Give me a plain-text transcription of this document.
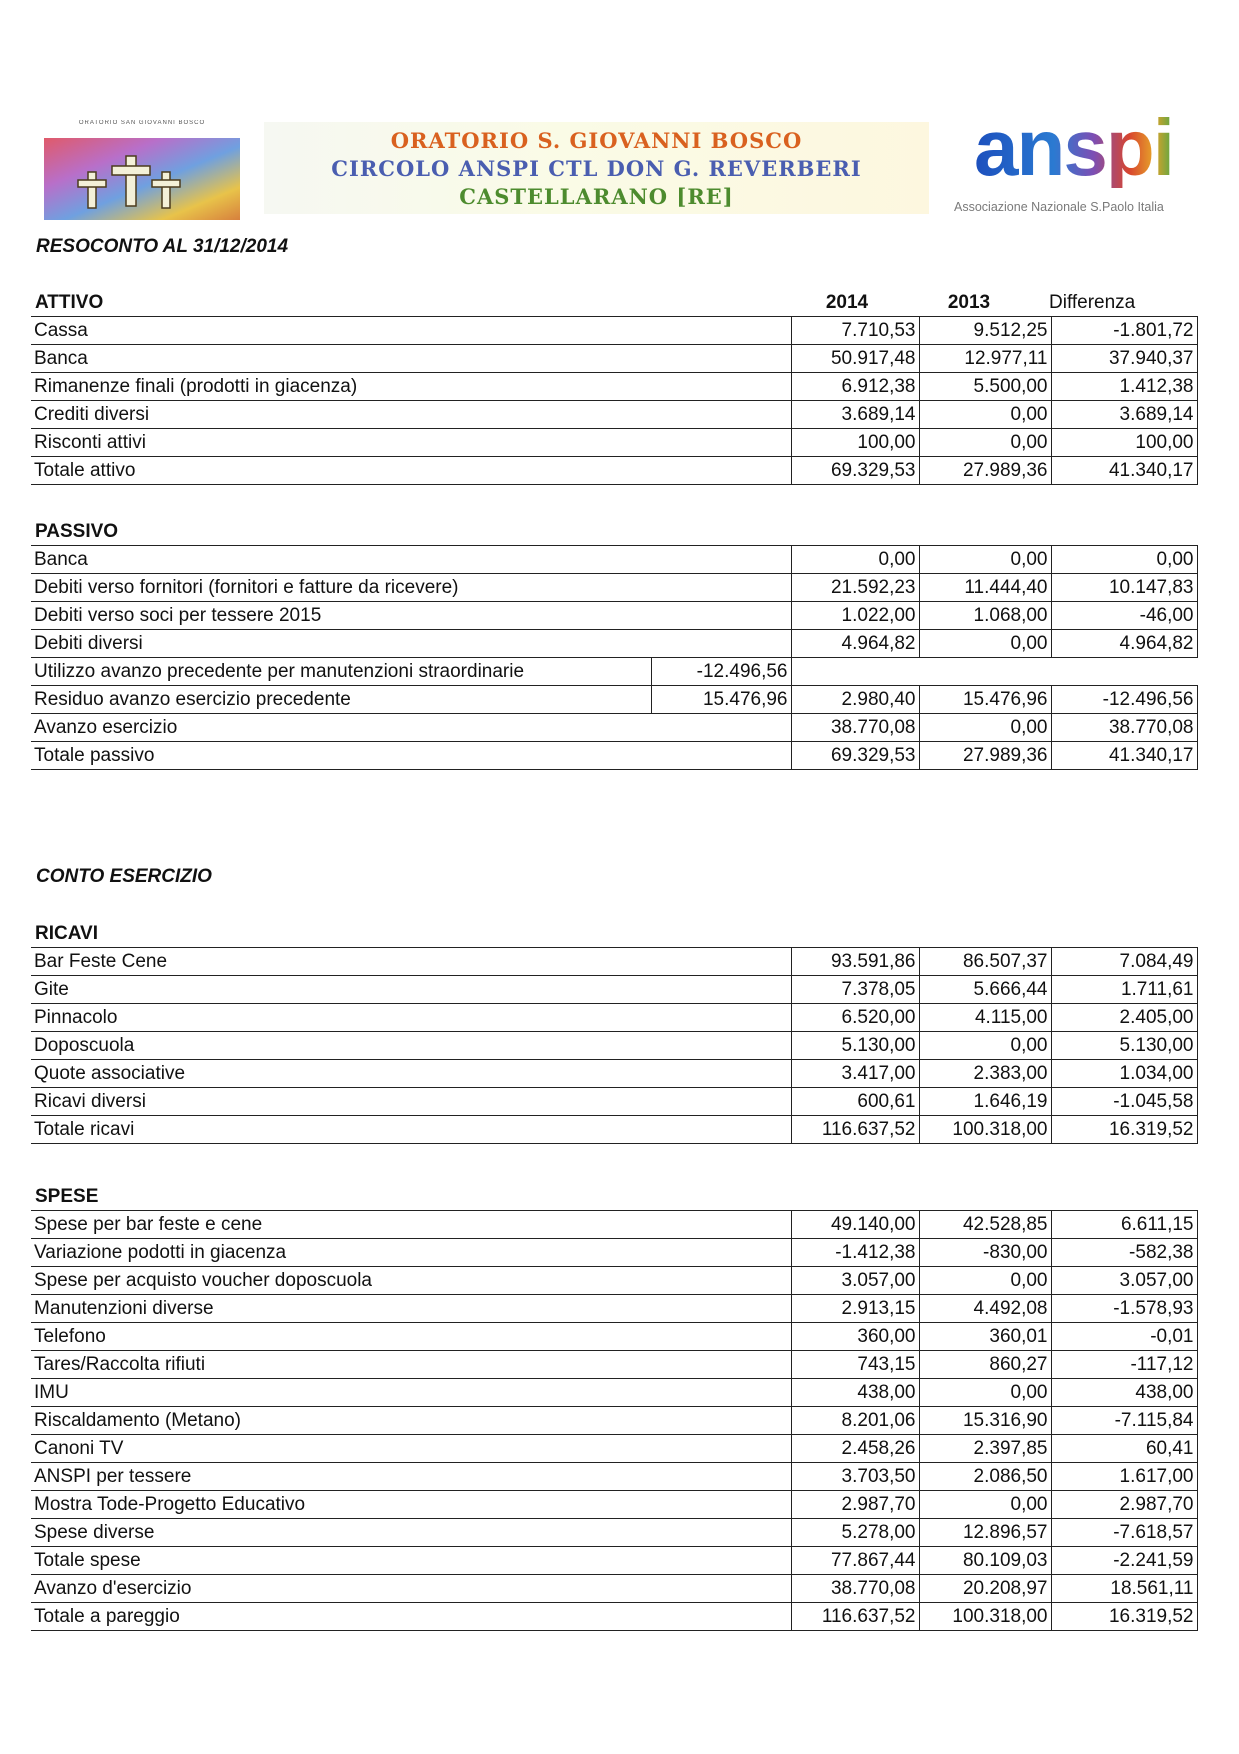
ORATORIO SAN GIOVANNI BOSCO
ORATORIO S. GIOVANNI BOSCO
CIRCOLO ANSPI CTL DON G. REVERBERI
CASTELLARANO [RE]
anspi
Associazione Nazionale S.Paolo Italia
RESOCONTO AL 31/12/2014
ATTIVO	2014	2013	Differenza
Cassa		7.710,53	9.512,25	-1.801,72
Banca		50.917,48	12.977,11	37.940,37
Rimanenze finali (prodotti in giacenza)		6.912,38	5.500,00	1.412,38
Crediti diversi		3.689,14	0,00	3.689,14
Risconti attivi		100,00	0,00	100,00
Totale attivo		69.329,53	27.989,36	41.340,17
PASSIVO
Banca		0,00	0,00	0,00
Debiti verso fornitori (fornitori e fatture da ricevere)		21.592,23	11.444,40	10.147,83
Debiti verso soci per tessere 2015		1.022,00	1.068,00	-46,00
Debiti diversi		4.964,82	0,00	4.964,82
Utilizzo avanzo precedente per manutenzioni straordinarie	-12.496,56			
Residuo avanzo esercizio precedente	15.476,96	2.980,40	15.476,96	-12.496,56
Avanzo esercizio		38.770,08	0,00	38.770,08
Totale passivo		69.329,53	27.989,36	41.340,17
CONTO ESERCIZIO
RICAVI
Bar Feste Cene		93.591,86	86.507,37	7.084,49
Gite		7.378,05	5.666,44	1.711,61
Pinnacolo		6.520,00	4.115,00	2.405,00
Doposcuola		5.130,00	0,00	5.130,00
Quote associative		3.417,00	2.383,00	1.034,00
Ricavi diversi		600,61	1.646,19	-1.045,58
Totale ricavi		116.637,52	100.318,00	16.319,52
SPESE
Spese per bar feste e cene		49.140,00	42.528,85	6.611,15
Variazione podotti in giacenza		-1.412,38	-830,00	-582,38
Spese per acquisto voucher doposcuola		3.057,00	0,00	3.057,00
Manutenzioni diverse		2.913,15	4.492,08	-1.578,93
Telefono		360,00	360,01	-0,01
Tares/Raccolta rifiuti		743,15	860,27	-117,12
IMU		438,00	0,00	438,00
Riscaldamento (Metano)		8.201,06	15.316,90	-7.115,84
Canoni TV		2.458,26	2.397,85	60,41
ANSPI per tessere		3.703,50	2.086,50	1.617,00
Mostra Tode-Progetto Educativo		2.987,70	0,00	2.987,70
Spese diverse		5.278,00	12.896,57	-7.618,57
Totale spese		77.867,44	80.109,03	-2.241,59
Avanzo d'esercizio		38.770,08	20.208,97	18.561,11
Totale a pareggio		116.637,52	100.318,00	16.319,52
